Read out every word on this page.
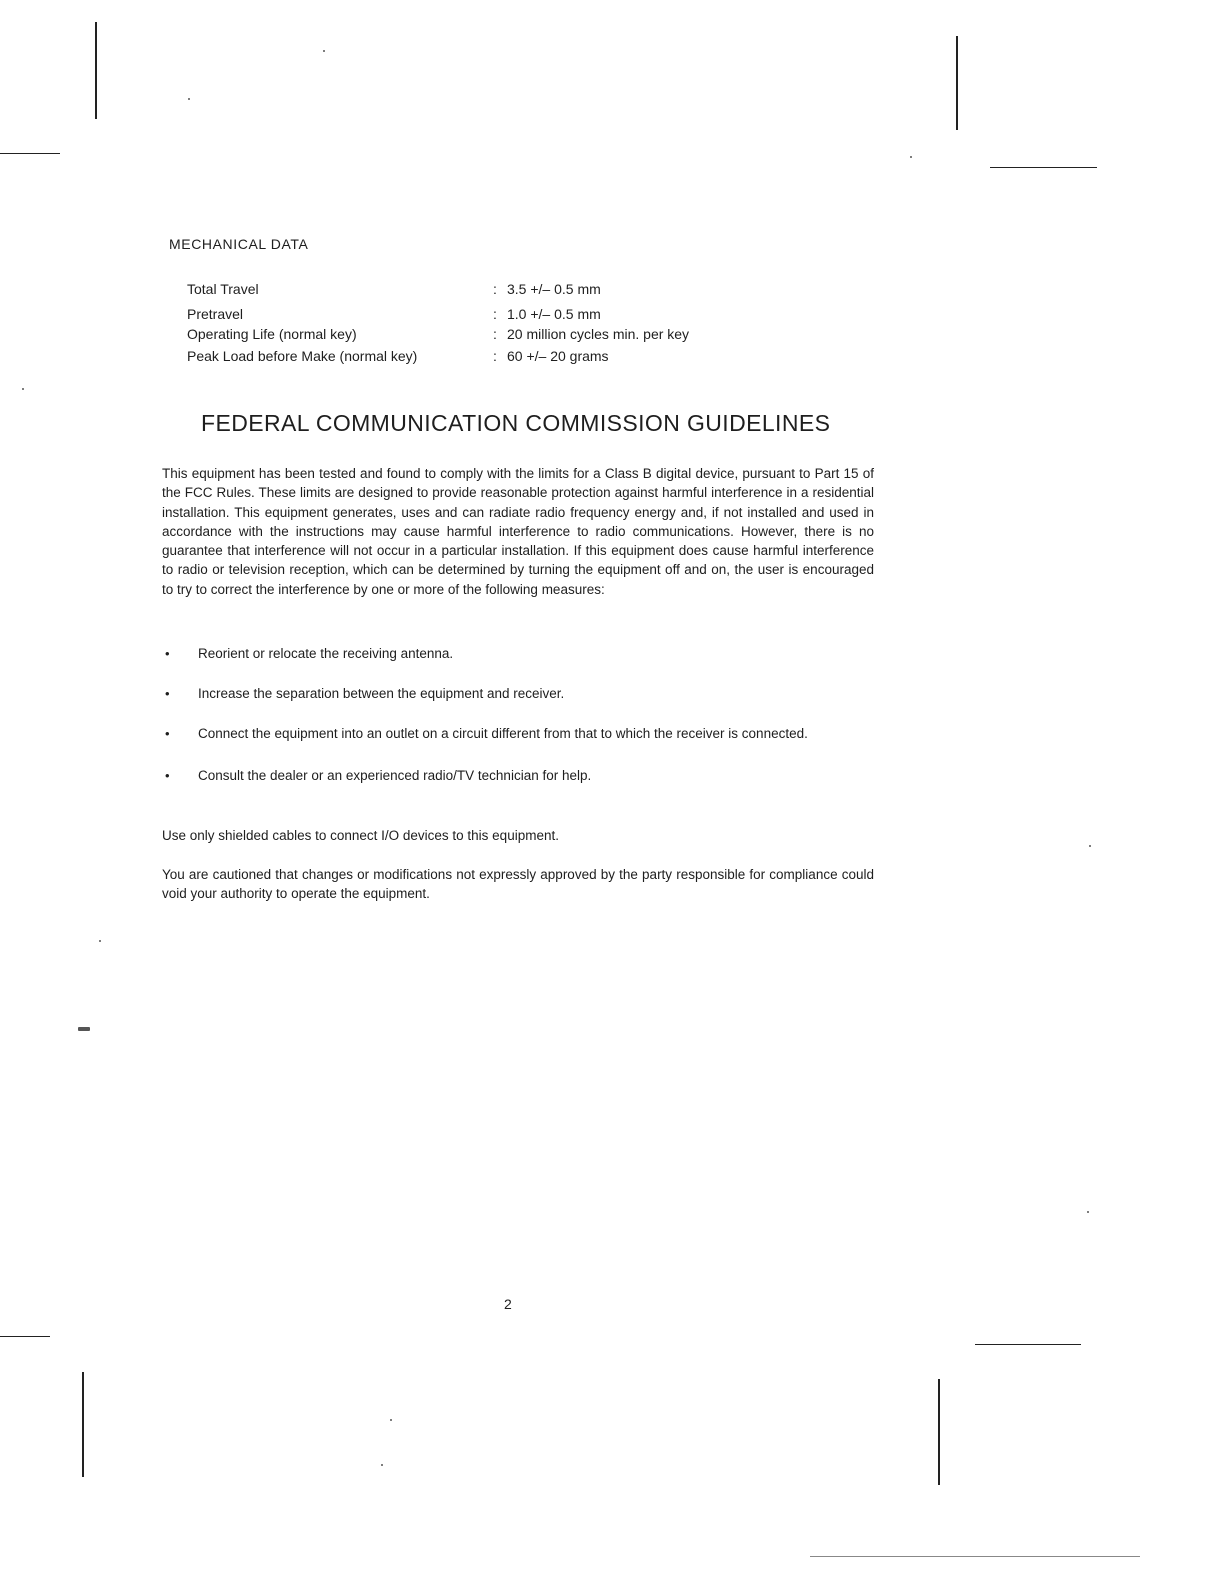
MECHANICAL DATA
Total Travel	: 3.5 +/– 0.5 mm
Pretravel	: 1.0 +/– 0.5 mm
Operating Life (normal key)	: 20 million cycles min. per key
Peak Load before Make (normal key)	: 60 +/– 20 grams
FEDERAL COMMUNICATION COMMISSION GUIDELINES

This equipment has been tested and found to comply with the limits for a Class B digital device, pursuant to Part 15 of the FCC Rules. These limits are designed to provide reasonable protection against harmful interference in a residential installation. This equipment generates, uses and can radiate radio frequency energy and, if not installed and used in accordance with the instructions may cause harmful interference to radio communications. However, there is no guarantee that interference will not occur in a particular installation. If this equipment does cause harmful interference to radio or television reception, which can be determined by turning the equipment off and on, the user is encouraged to try to correct the interference by one or more of the following measures:

• Reorient or relocate the receiving antenna.
• Increase the separation between the equipment and receiver.
• Connect the equipment into an outlet on a circuit different from that to which the receiver is connected.
• Consult the dealer or an experienced radio/TV technician for help.

Use only shielded cables to connect I/O devices to this equipment.

You are cautioned that changes or modifications not expressly approved by the party responsible for compliance could void your authority to operate the equipment.

2
